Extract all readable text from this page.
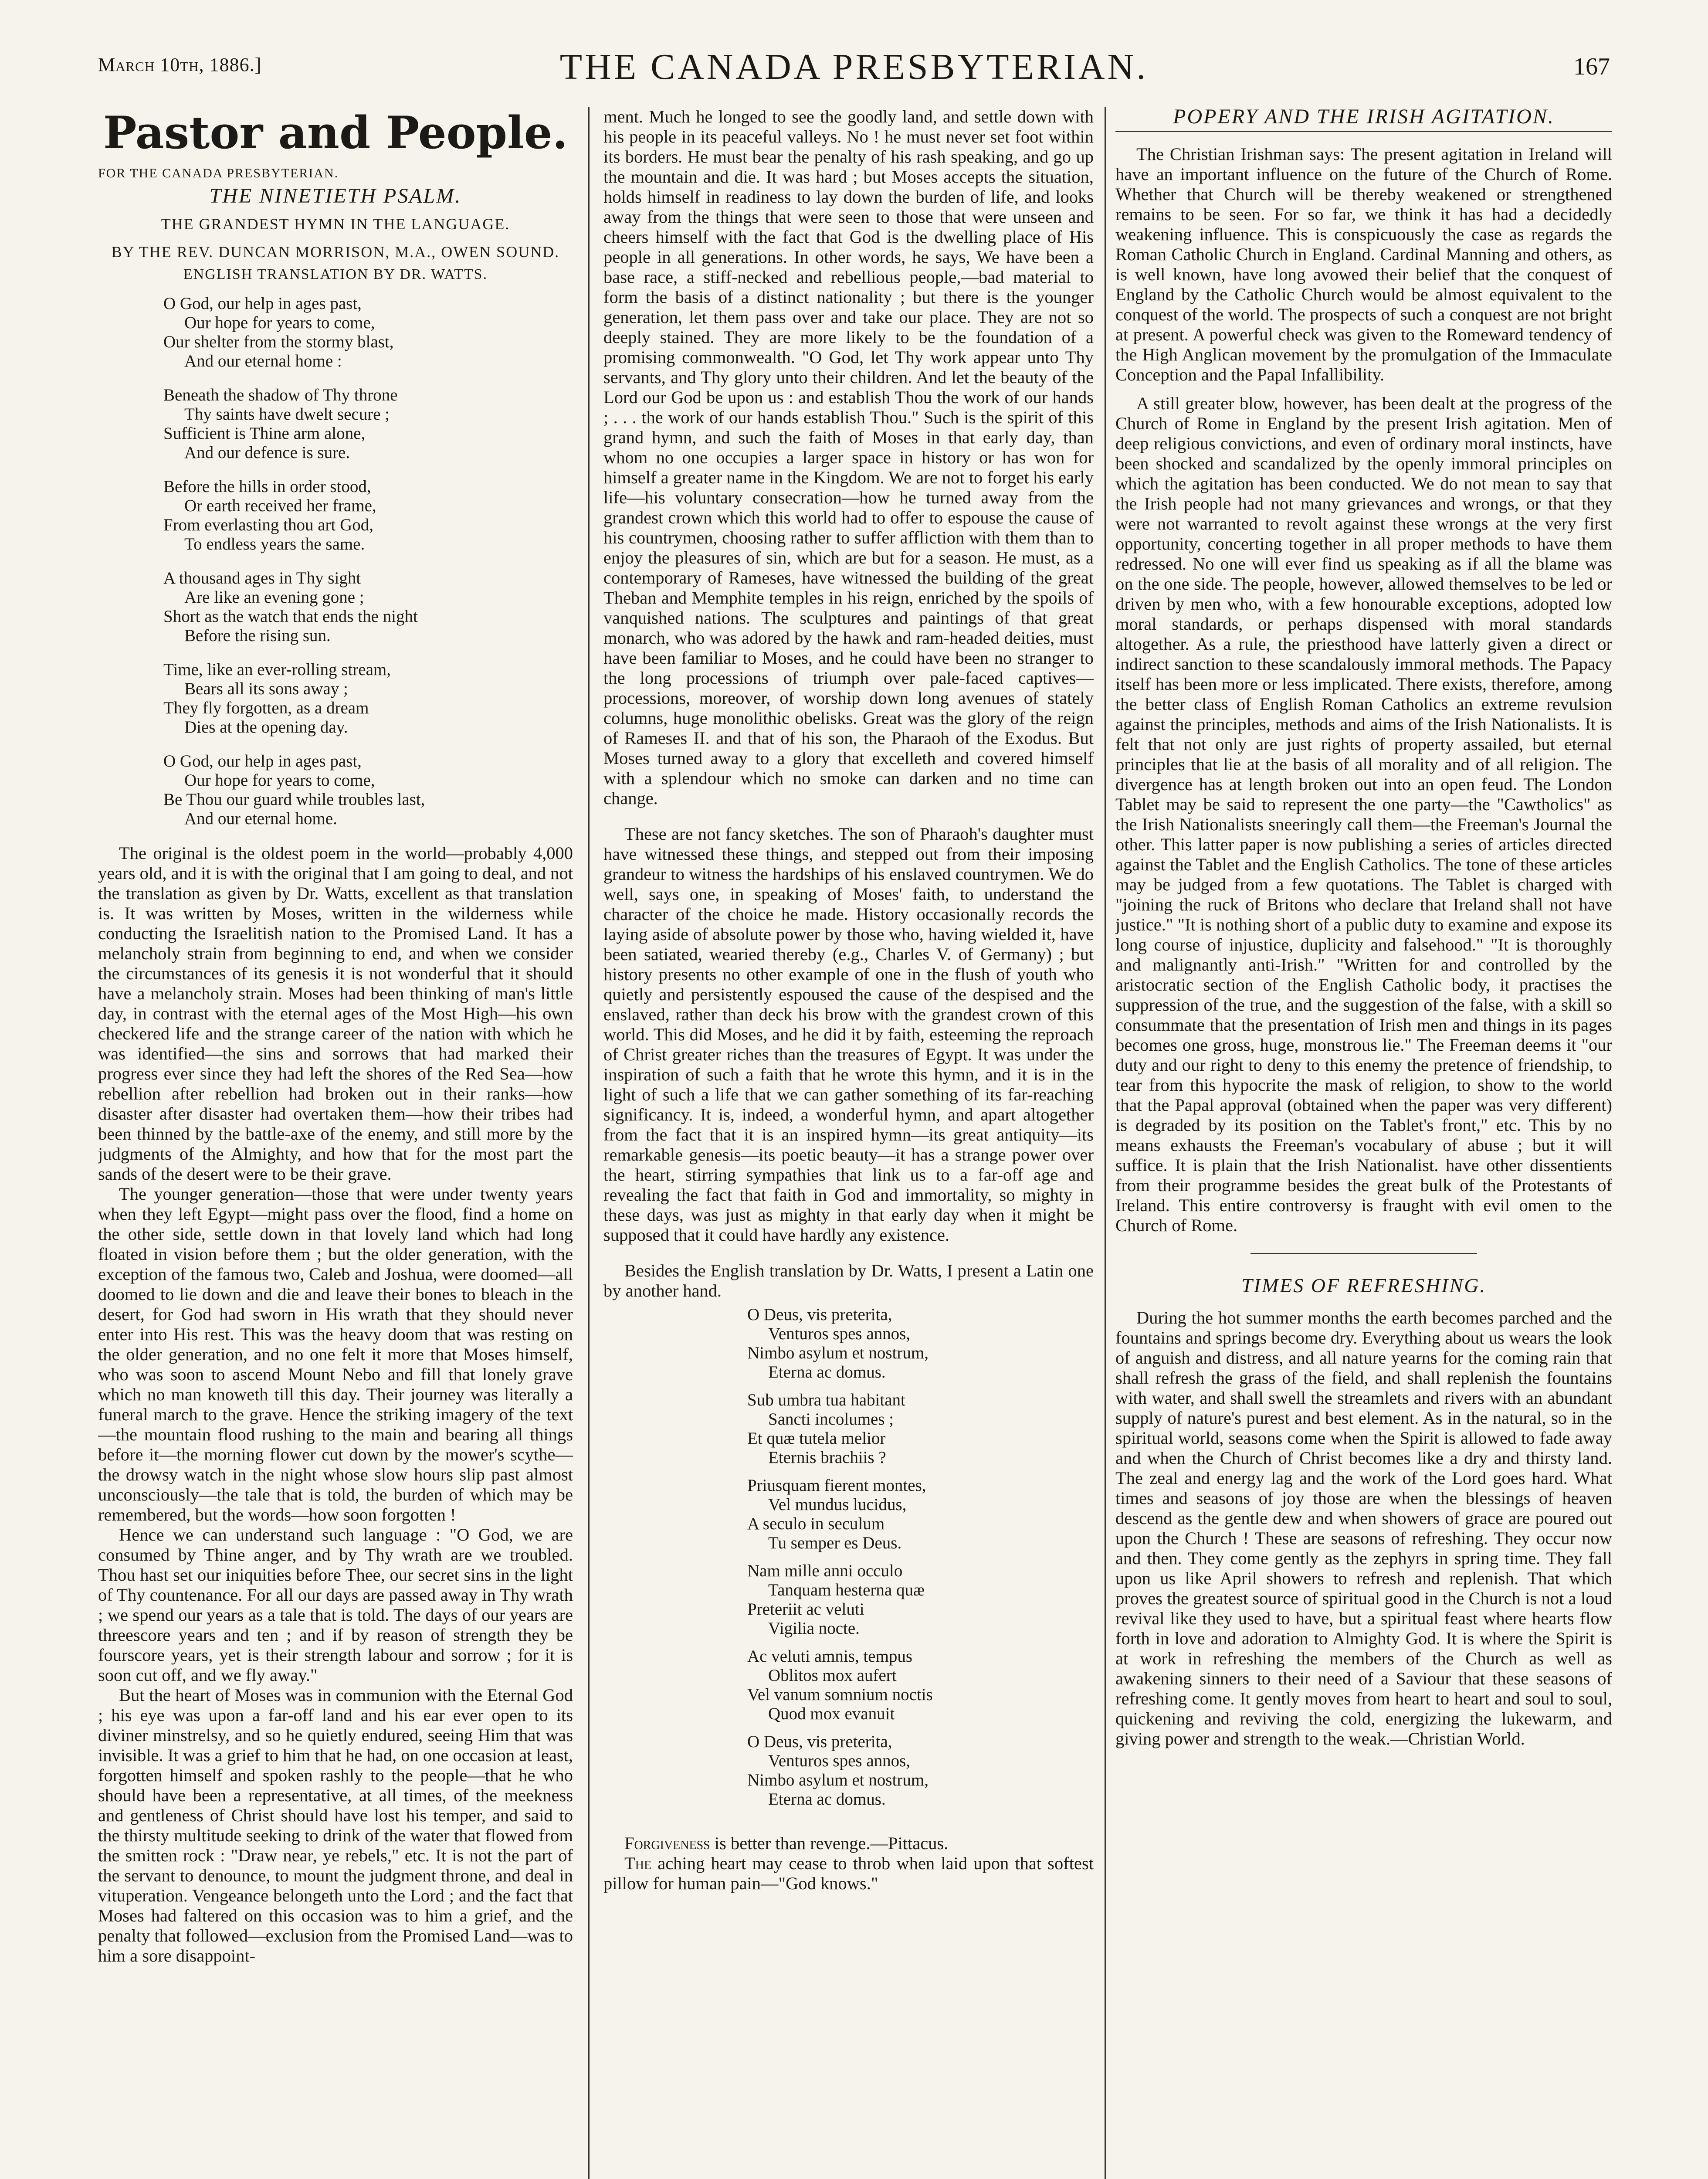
March 10th, 1886.]	THE CANADA PRESBYTERIAN.	167
Pastor and People.
FOR THE CANADA PRESBYTERIAN.
THE NINETIETH PSALM.
THE GRANDEST HYMN IN THE LANGUAGE.
BY THE REV. DUNCAN MORRISON, M.A., OWEN SOUND.
ENGLISH TRANSLATION BY DR. WATTS.
O God, our help in ages past,
Our hope for years to come,
Our shelter from the stormy blast,
And our eternal home :
Beneath the shadow of Thy throne
Thy saints have dwelt secure ;
Sufficient is Thine arm alone,
And our defence is sure.
Before the hills in order stood,
Or earth received her frame,
From everlasting thou art God,
To endless years the same.
A thousand ages in Thy sight
Are like an evening gone ;
Short as the watch that ends the night
Before the rising sun.
Time, like an ever-rolling stream,
Bears all its sons away ;
They fly forgotten, as a dream
Dies at the opening day.
O God, our help in ages past,
Our hope for years to come,
Be Thou our guard while troubles last,
And our eternal home.

The original is the oldest poem in the world—probably 4,000 years old, and it is with the original that I am going to deal, and not the translation as given by Dr. Watts, excellent as that translation is. It was written by Moses, written in the wilderness while conducting the Israelitish nation to the Promised Land. It has a melancholy strain from beginning to end, and when we consider the circumstances of its genesis it is not wonderful that it should have a melancholy strain. Moses had been thinking of man's little day, in contrast with the eternal ages of the Most High—his own checkered life and the strange career of the nation with which he was identified—the sins and sorrows that had marked their progress ever since they had left the shores of the Red Sea—how rebellion after rebellion had broken out in their ranks—how disaster after disaster had overtaken them—how their tribes had been thinned by the battle-axe of the enemy, and still more by the judgments of the Almighty, and how that for the most part the sands of the desert were to be their grave.

The younger generation—those that were under twenty years when they left Egypt—might pass over the flood, find a home on the other side, settle down in that lovely land which had long floated in vision before them ; but the older generation, with the exception of the famous two, Caleb and Joshua, were doomed—all doomed to lie down and die and leave their bones to bleach in the desert, for God had sworn in His wrath that they should never enter into His rest. This was the heavy doom that was resting on the older generation, and no one felt it more that Moses himself, who was soon to ascend Mount Nebo and fill that lonely grave which no man knoweth till this day. Their journey was literally a funeral march to the grave. Hence the striking imagery of the text—the mountain flood rushing to the main and bearing all things before it—the morning flower cut down by the mower's scythe—the drowsy watch in the night whose slow hours slip past almost unconsciously—the tale that is told, the burden of which may be remembered, but the words—how soon forgotten !

Hence we can understand such language : "O God, we are consumed by Thine anger, and by Thy wrath are we troubled. Thou hast set our iniquities before Thee, our secret sins in the light of Thy countenance. For all our days are passed away in Thy wrath ; we spend our years as a tale that is told. The days of our years are threescore years and ten ; and if by reason of strength they be fourscore years, yet is their strength labour and sorrow ; for it is soon cut off, and we fly away."

But the heart of Moses was in communion with the Eternal God ; his eye was upon a far-off land and his ear ever open to its diviner minstrelsy, and so he quietly endured, seeing Him that was invisible. It was a grief to him that he had, on one occasion at least, forgotten himself and spoken rashly to the people—that he who should have been a representative, at all times, of the meekness and gentleness of Christ should have lost his temper, and said to the thirsty multitude seeking to drink of the water that flowed from the smitten rock : "Draw near, ye rebels," etc. It is not the part of the servant to denounce, to mount the judgment throne, and deal in vituperation. Vengeance belongeth unto the Lord ; and the fact that Moses had faltered on this occasion was to him a grief, and the penalty that followed—exclusion from the Promised Land—was to him a sore disappoint-

ment. Much he longed to see the goodly land, and settle down with his people in its peaceful valleys. No ! he must never set foot within its borders. He must bear the penalty of his rash speaking, and go up the mountain and die. It was hard ; but Moses accepts the situation, holds himself in readiness to lay down the burden of life, and looks away from the things that were seen to those that were unseen and cheers himself with the fact that God is the dwelling place of His people in all generations. In other words, he says, We have been a base race, a stiff-necked and rebellious people,—bad material to form the basis of a distinct nationality ; but there is the younger generation, let them pass over and take our place. They are not so deeply stained. They are more likely to be the foundation of a promising commonwealth. "O God, let Thy work appear unto Thy servants, and Thy glory unto their children. And let the beauty of the Lord our God be upon us : and establish Thou the work of our hands ; . . . the work of our hands establish Thou." Such is the spirit of this grand hymn, and such the faith of Moses in that early day, than whom no one occupies a larger space in history or has won for himself a greater name in the Kingdom. We are not to forget his early life—his voluntary consecration—how he turned away from the grandest crown which this world had to offer to espouse the cause of his countrymen, choosing rather to suffer affliction with them than to enjoy the pleasures of sin, which are but for a season. He must, as a contemporary of Rameses, have witnessed the building of the great Theban and Memphite temples in his reign, enriched by the spoils of vanquished nations. The sculptures and paintings of that great monarch, who was adored by the hawk and ram-headed deities, must have been familiar to Moses, and he could have been no stranger to the long processions of triumph over pale-faced captives—processions, moreover, of worship down long avenues of stately columns, huge monolithic obelisks. Great was the glory of the reign of Rameses II. and that of his son, the Pharaoh of the Exodus. But Moses turned away to a glory that excelleth and covered himself with a splendour which no smoke can darken and no time can change.

These are not fancy sketches. The son of Pharaoh's daughter must have witnessed these things, and stepped out from their imposing grandeur to witness the hardships of his enslaved countrymen. We do well, says one, in speaking of Moses' faith, to understand the character of the choice he made. History occasionally records the laying aside of absolute power by those who, having wielded it, have been satiated, wearied thereby (e.g., Charles V. of Germany) ; but history presents no other example of one in the flush of youth who quietly and persistently espoused the cause of the despised and the enslaved, rather than deck his brow with the grandest crown of this world. This did Moses, and he did it by faith, esteeming the reproach of Christ greater riches than the treasures of Egypt. It was under the inspiration of such a faith that he wrote this hymn, and it is in the light of such a life that we can gather something of its far-reaching significancy. It is, indeed, a wonderful hymn, and apart altogether from the fact that it is an inspired hymn—its great antiquity—its remarkable genesis—its poetic beauty—it has a strange power over the heart, stirring sympathies that link us to a far-off age and revealing the fact that faith in God and immortality, so mighty in these days, was just as mighty in that early day when it might be supposed that it could have hardly any existence.

Besides the English translation by Dr. Watts, I present a Latin one by another hand.

O Deus, vis preterita,
Venturos spes annos,
Nimbo asylum et nostrum,
Eterna ac domus.
Sub umbra tua habitant
Sancti incolumes ;
Et quæ tutela melior
Eternis brachiis ?
Priusquam fierent montes,
Vel mundus lucidus,
A seculo in seculum
Tu semper es Deus.
Nam mille anni occulo
Tanquam hesterna quæ
Preteriit ac veluti
Vigilia nocte.
Ac veluti amnis, tempus
Oblitos mox aufert
Vel vanum somnium noctis
Quod mox evanuit
O Deus, vis preterita,
Venturos spes annos,
Nimbo asylum et nostrum,
Eterna ac domus.

Forgiveness is better than revenge.—Pittacus.

The aching heart may cease to throb when laid upon that softest pillow for human pain—"God knows."

POPERY AND THE IRISH AGITATION.

The Christian Irishman says: The present agitation in Ireland will have an important influence on the future of the Church of Rome. Whether that Church will be thereby weakened or strengthened remains to be seen. For so far, we think it has had a decidedly weakening influence. This is conspicuously the case as regards the Roman Catholic Church in England. Cardinal Manning and others, as is well known, have long avowed their belief that the conquest of England by the Catholic Church would be almost equivalent to the conquest of the world. The prospects of such a conquest are not bright at present. A powerful check was given to the Romeward tendency of the High Anglican movement by the promulgation of the Immaculate Conception and the Papal Infallibility.

A still greater blow, however, has been dealt at the progress of the Church of Rome in England by the present Irish agitation. Men of deep religious convictions, and even of ordinary moral instincts, have been shocked and scandalized by the openly immoral principles on which the agitation has been conducted. We do not mean to say that the Irish people had not many grievances and wrongs, or that they were not warranted to revolt against these wrongs at the very first opportunity, concerting together in all proper methods to have them redressed. No one will ever find us speaking as if all the blame was on the one side. The people, however, allowed themselves to be led or driven by men who, with a few honourable exceptions, adopted low moral standards, or perhaps dispensed with moral standards altogether. As a rule, the priesthood have latterly given a direct or indirect sanction to these scandalously immoral methods. The Papacy itself has been more or less implicated. There exists, therefore, among the better class of English Roman Catholics an extreme revulsion against the principles, methods and aims of the Irish Nationalists. It is felt that not only are just rights of property assailed, but eternal principles that lie at the basis of all morality and of all religion. The divergence has at length broken out into an open feud. The London Tablet may be said to represent the one party—the "Cawtholics" as the Irish Nationalists sneeringly call them—the Freeman's Journal the other. This latter paper is now publishing a series of articles directed against the Tablet and the English Catholics. The tone of these articles may be judged from a few quotations. The Tablet is charged with "joining the ruck of Britons who declare that Ireland shall not have justice." "It is nothing short of a public duty to examine and expose its long course of injustice, duplicity and falsehood." "It is thoroughly and malignantly anti-Irish." "Written for and controlled by the aristocratic section of the English Catholic body, it practises the suppression of the true, and the suggestion of the false, with a skill so consummate that the presentation of Irish men and things in its pages becomes one gross, huge, monstrous lie." The Freeman deems it "our duty and our right to deny to this enemy the pretence of friendship, to tear from this hypocrite the mask of religion, to show to the world that the Papal approval (obtained when the paper was very different) is degraded by its position on the Tablet's front," etc. This by no means exhausts the Freeman's vocabulary of abuse ; but it will suffice. It is plain that the Irish Nationalist. have other dissentients from their programme besides the great bulk of the Protestants of Ireland. This entire controversy is fraught with evil omen to the Church of Rome.

TIMES OF REFRESHING.

During the hot summer months the earth becomes parched and the fountains and springs become dry. Everything about us wears the look of anguish and distress, and all nature yearns for the coming rain that shall refresh the grass of the field, and shall replenish the fountains with water, and shall swell the streamlets and rivers with an abundant supply of nature's purest and best element. As in the natural, so in the spiritual world, seasons come when the Spirit is allowed to fade away and when the Church of Christ becomes like a dry and thirsty land. The zeal and energy lag and the work of the Lord goes hard. What times and seasons of joy those are when the blessings of heaven descend as the gentle dew and when showers of grace are poured out upon the Church ! These are seasons of refreshing. They occur now and then. They come gently as the zephyrs in spring time. They fall upon us like April showers to refresh and replenish. That which proves the greatest source of spiritual good in the Church is not a loud revival like they used to have, but a spiritual feast where hearts flow forth in love and adoration to Almighty God. It is where the Spirit is at work in refreshing the members of the Church as well as awakening sinners to their need of a Saviour that these seasons of refreshing come. It gently moves from heart to heart and soul to soul, quickening and reviving the cold, energizing the lukewarm, and giving power and strength to the weak.—Christian World.
